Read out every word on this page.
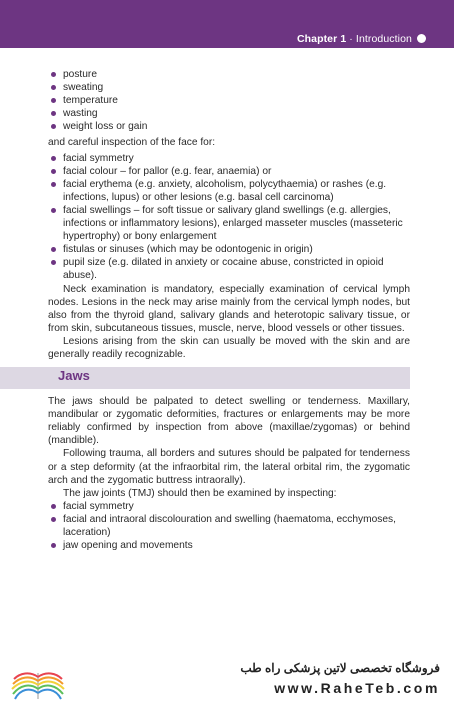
Chapter 1 · Introduction
posture
sweating
temperature
wasting
weight loss or gain

and careful inspection of the face for:

facial symmetry
facial colour – for pallor (e.g. fear, anaemia) or
facial erythema (e.g. anxiety, alcoholism, polycythaemia) or rashes (e.g. infections, lupus) or other lesions (e.g. basal cell carcinoma)
facial swellings – for soft tissue or salivary gland swellings (e.g. allergies, infections or inflammatory lesions), enlarged masseter muscles (masseteric hypertrophy) or bony enlargement
fistulas or sinuses (which may be odontogenic in origin)
pupil size (e.g. dilated in anxiety or cocaine abuse, constricted in opioid abuse).

Neck examination is mandatory, especially examination of cervical lymph nodes. Lesions in the neck may arise mainly from the cervical lymph nodes, but also from the thyroid gland, salivary glands and heterotopic salivary tissue, or from skin, subcutaneous tissues, muscle, nerve, blood vessels or other tissues.

Lesions arising from the skin can usually be moved with the skin and are generally readily recognizable.

Jaws

The jaws should be palpated to detect swelling or tenderness. Maxillary, mandibular or zygomatic deformities, fractures or enlargements may be more reliably confirmed by inspection from above (maxillae/zygomas) or behind (mandible).

Following trauma, all borders and sutures should be palpated for tenderness or a step deformity (at the infraorbital rim, the lateral orbital rim, the zygomatic arch and the zygomatic buttress intraorally).

The jaw joints (TMJ) should then be examined by inspecting:

facial symmetry
facial and intraoral discolouration and swelling (haematoma, ecchymoses, laceration)
jaw opening and movements
فروشگاه تخصصی لاتین پزشکی راه طب
www.RaheTeb.com
